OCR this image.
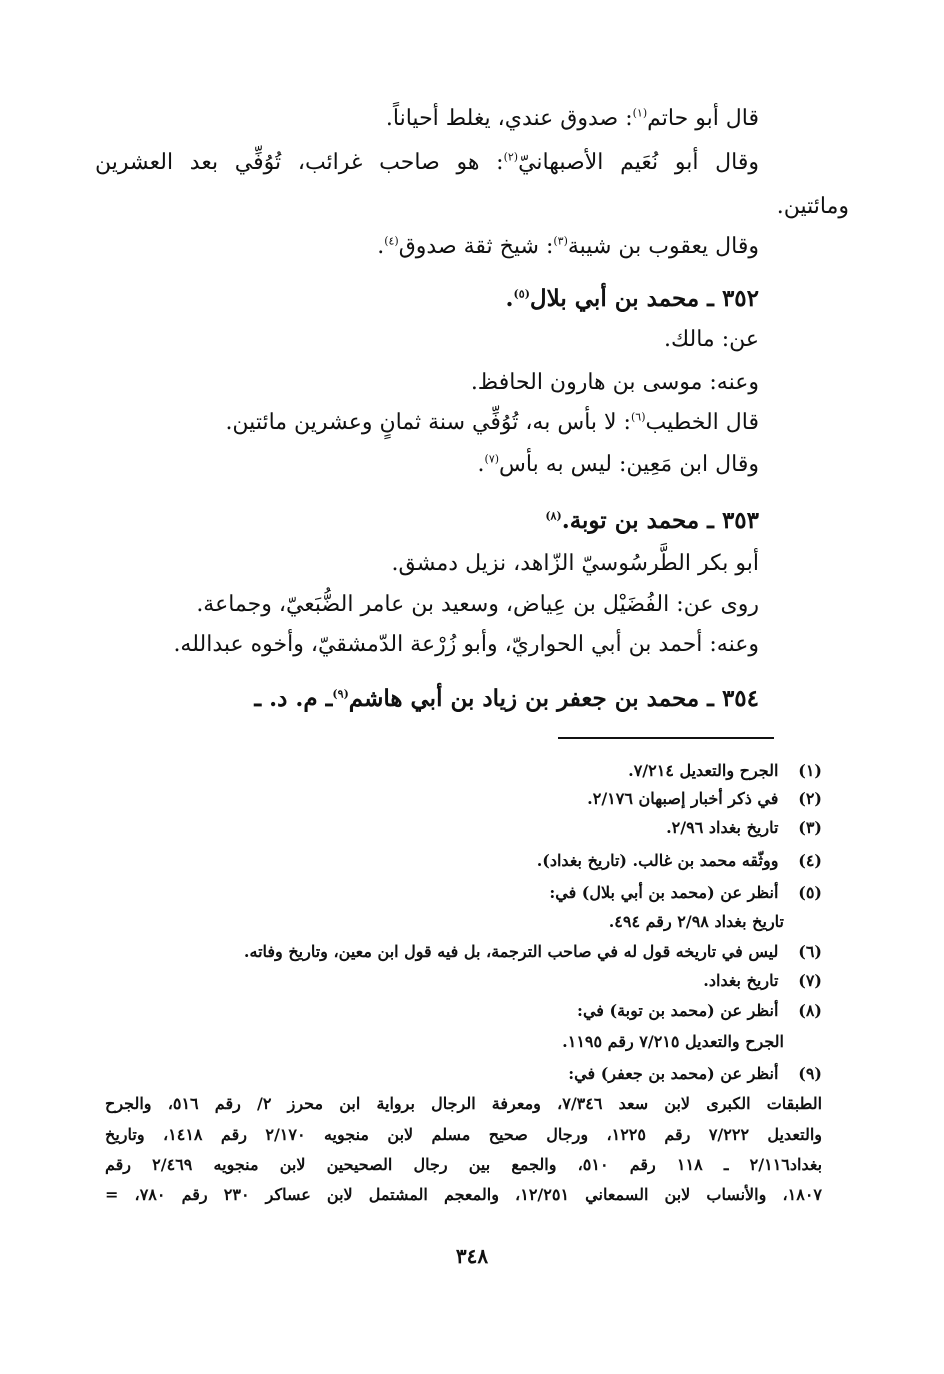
قال أبو حاتم$^{(١)}$: صدوق عندي، يغلط أحياناً.
وقال أبو نُعَيم الأصبهانيّ$^{(٢)}$: هو صاحب غرائب، تُوُفِّي بعد العشرين
ومائتين.
وقال يعقوب بن شيبة$^{(٣)}$: شيخ ثقة صدوق$^{(٤)}$.
٣٥٢ ـ محمد بن أبي بلال$^{(٥)}$.
عن: مالك.
وعنه: موسى بن هارون الحافظ.
قال الخطيب$^{(٦)}$: لا بأس به، تُوُفِّي سنة ثمانٍ وعشرين مائتين.
وقال ابن مَعِين: ليس به بأس$^{(٧)}$.
٣٥٣ ـ محمد بن توبة.$^{(٨)}$
أبو بكر الطَّرسُوسيّ الزّاهد، نزيل دمشق.
روى عن: الفُضَيْل بن عِياض، وسعيد بن عامر الضُّبَعيّ، وجماعة.
وعنه: أحمد بن أبي الحواريّ، وأبو زُرْعة الدّمشقيّ، وأخوه عبدالله.
٣٥٤ ـ محمد بن جعفر بن زياد بن أبي هاشم$^{(٩)}$ـ م. د. ـ
(١) الجرح والتعديل ٧/٢١٤.
(٢) في ذكر أخبار إصبهان ٢/١٧٦.
(٣) تاريخ بغداد ٢/٩٦.
(٤) ووثّقه محمد بن غالب. (تاريخ بغداد).
(٥) أنظر عن (محمد بن أبي بلال) في:
تاريخ بغداد ٢/٩٨ رقم ٤٩٤.
(٦) ليس في تاريخه قول له في صاحب الترجمة، بل فيه قول ابن معين، وتاريخ وفاته.
(٧) تاريخ بغداد.
(٨) أنظر عن (محمد بن توبة) في:
الجرح والتعديل ٧/٢١٥ رقم ١١٩٥.
(٩) أنظر عن (محمد بن جعفر) في:
الطبقات الكبرى لابن سعد ٧/٣٤٦، ومعرفة الرجال برواية ابن محرز ٢/ رقم ٥١٦، والجرح
والتعديل ٧/٢٢٢ رقم ١٢٢٥، ورجال صحيح مسلم لابن منجويه ٢/١٧٠ رقم ١٤١٨، وتاريخ
بغداد٢/١١٦ ـ ١١٨ رقم ٥١٠، والجمع بين رجال الصحيحين لابن منجويه ٢/٤٦٩ رقم
١٨٠٧، والأنساب لابن السمعاني ١٢/٢٥١، والمعجم المشتمل لابن عساكر ٢٣٠ رقم ٧٨٠، =
٣٤٨
